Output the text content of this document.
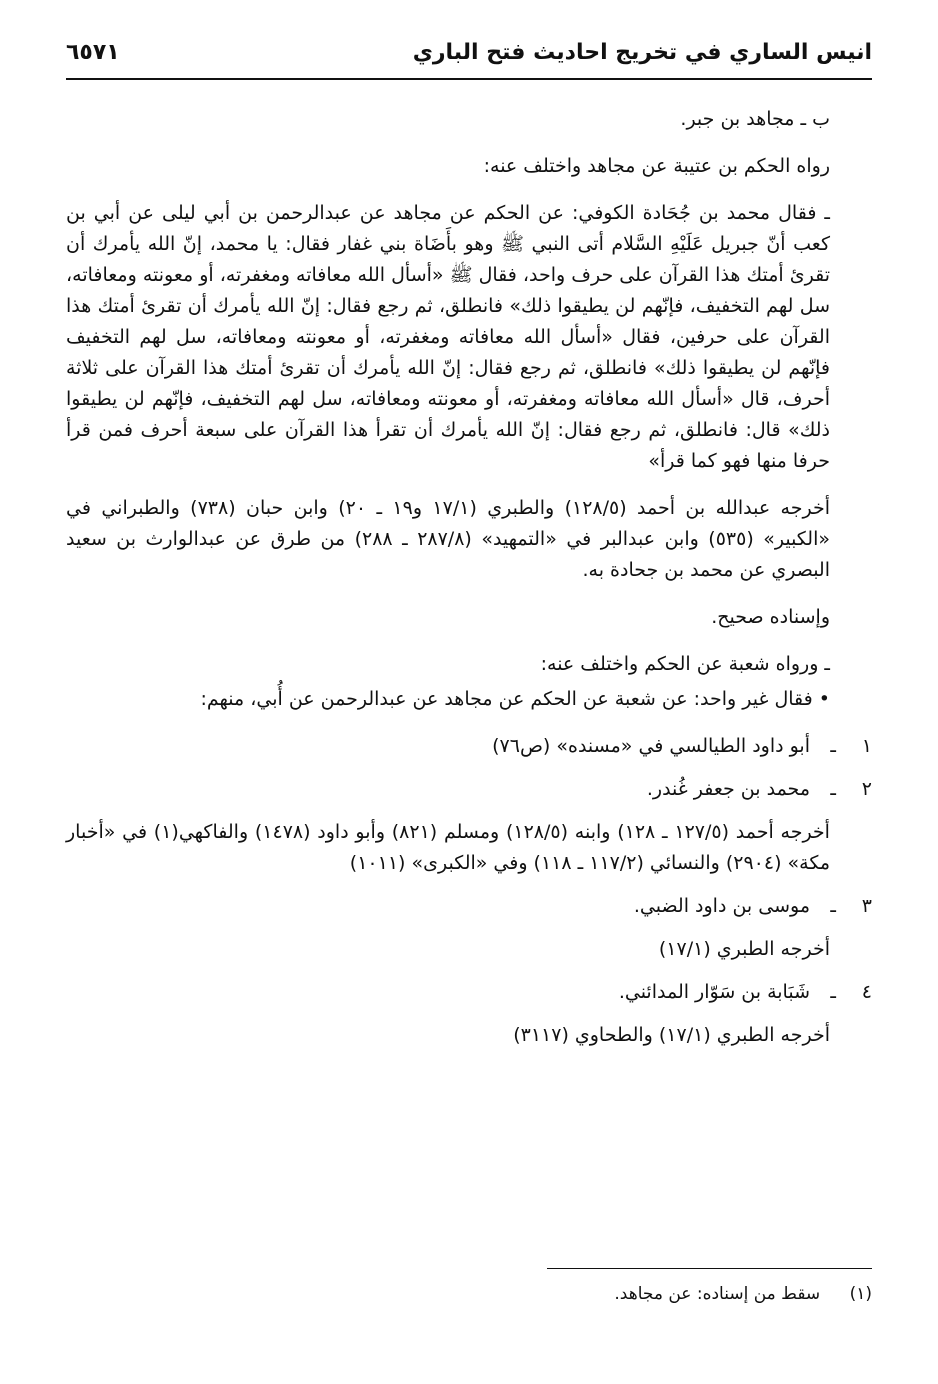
انيس الساري في تخريج احاديث فتح الباري
٦٥٧١

ب ـ مجاهد بن جبر.

رواه الحكم بن عتيبة عن مجاهد واختلف عنه:

ـ فقال محمد بن جُحَادة الكوفي: عن الحكم عن مجاهد عن عبدالرحمن بن أبي ليلى عن أبي بن كعب أنّ جبريل عَلَيْهِ السَّلام أتى النبي ﷺ وهو بأَضَاة بني غفار فقال: يا محمد، إنّ الله يأمرك أن تقرئ أمتك هذا القرآن على حرف واحد، فقال ﷺ «أسأل الله معافاته ومغفرته، أو معونته ومعافاته، سل لهم التخفيف، فإنّهم لن يطيقوا ذلك» فانطلق، ثم رجع فقال: إنّ الله يأمرك أن تقرئ أمتك هذا القرآن على حرفين، فقال «أسأل الله معافاته ومغفرته، أو معونته ومعافاته، سل لهم التخفيف فإنّهم لن يطيقوا ذلك» فانطلق، ثم رجع فقال: إنّ الله يأمرك أن تقرئ أمتك هذا القرآن على ثلاثة أحرف، قال «أسأل الله معافاته ومغفرته، أو معونته ومعافاته، سل لهم التخفيف، فإنّهم لن يطيقوا ذلك» قال: فانطلق، ثم رجع فقال: إنّ الله يأمرك أن تقرأ هذا القرآن على سبعة أحرف فمن قرأ حرفا منها فهو كما قرأ»

أخرجه عبدالله بن أحمد (١٢٨/٥) والطبري (١٧/١ و١٩ ـ ٢٠) وابن حبان (٧٣٨) والطبراني في «الكبير» (٥٣٥) وابن عبدالبر في «التمهيد» (٢٨٧/٨ ـ ٢٨٨) من طرق عن عبدالوارث بن سعيد البصري عن محمد بن جحادة به.

وإسناده صحيح.

ـ ورواه شعبة عن الحكم واختلف عنه:

• فقال غير واحد: عن شعبة عن الحكم عن مجاهد عن عبدالرحمن عن أُبي، منهم:

١
ـ
أبو داود الطيالسي في «مسنده» (ص٧٦)
٢
ـ
محمد بن جعفر غُندر.

أخرجه أحمد (١٢٧/٥ ـ ١٢٨) وابنه (١٢٨/٥) ومسلم (٨٢١) وأبو داود (١٤٧٨) والفاكهي(١) في «أخبار مكة» (٢٩٠٤) والنسائي (١١٧/٢ ـ ١١٨) وفي «الكبرى» (١٠١١)

٣
ـ
موسى بن داود الضبي.

أخرجه الطبري (١٧/١)

٤
ـ
شَبَابة بن سَوّار المدائني.

أخرجه الطبري (١٧/١) والطحاوي (٣١١٧)

(١) سقط من إسناده: عن مجاهد.
